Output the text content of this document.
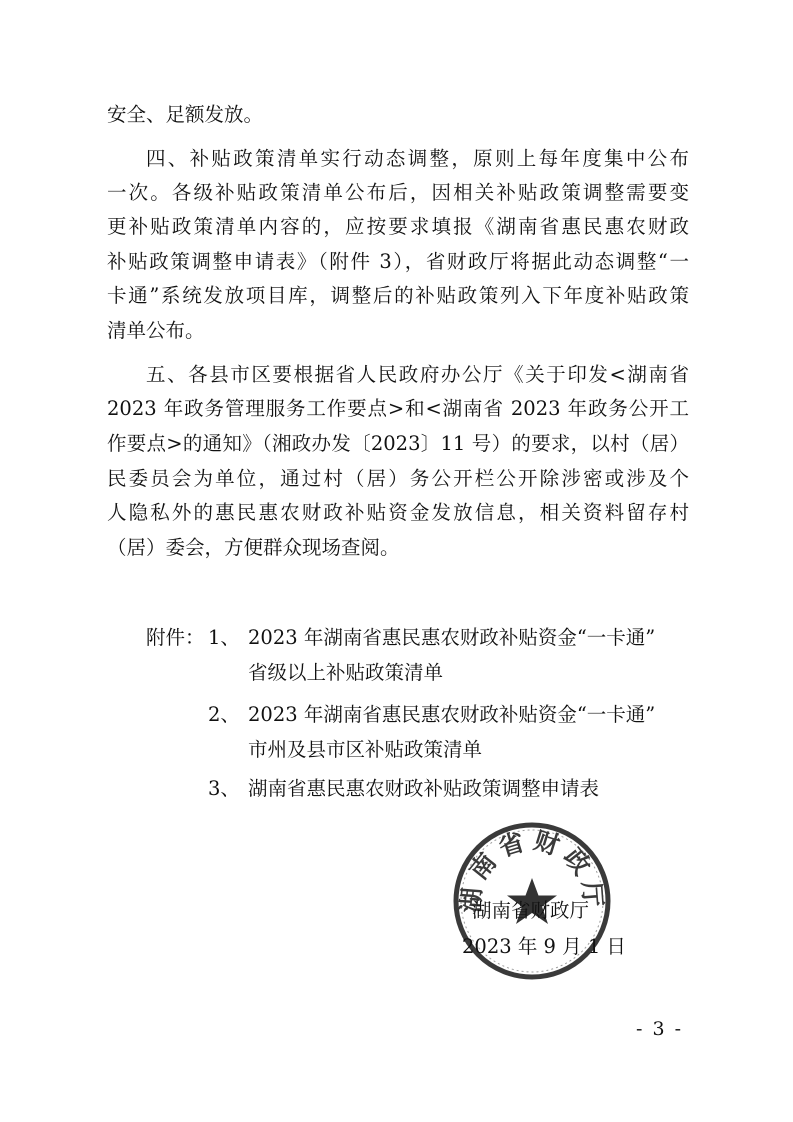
安全、足额发放。
四、补贴政策清单实行动态调整，原则上每年度集中公布
一次。各级补贴政策清单公布后，因相关补贴政策调整需要变
更补贴政策清单内容的，应按要求填报《湖南省惠民惠农财政
补贴政策调整申请表》（附件 3），省财政厅将据此动态调整“一
卡通”系统发放项目库，调整后的补贴政策列入下年度补贴政策
清单公布。
五、各县市区要根据省人民政府办公厅《关于印发<湖南省
2023 年政务管理服务工作要点>和<湖南省 2023 年政务公开工
作要点>的通知》（湘政办发〔2023〕11 号）的要求，以村（居）
民委员会为单位，通过村（居）务公开栏公开除涉密或涉及个
人隐私外的惠民惠农财政补贴资金发放信息，相关资料留存村
（居）委会，方便群众现场查阅。
附件： 1、 2023 年湖南省惠民惠农财政补贴资金“一卡通”
省级以上补贴政策清单
2、 2023 年湖南省惠民惠农财政补贴资金“一卡通”
市州及县市区补贴政策清单
3、 湖南省惠民惠农财政补贴政策调整申请表
湖南省财政厅
湖南省财政厅
2023 年 9 月 1 日
- 3 -
